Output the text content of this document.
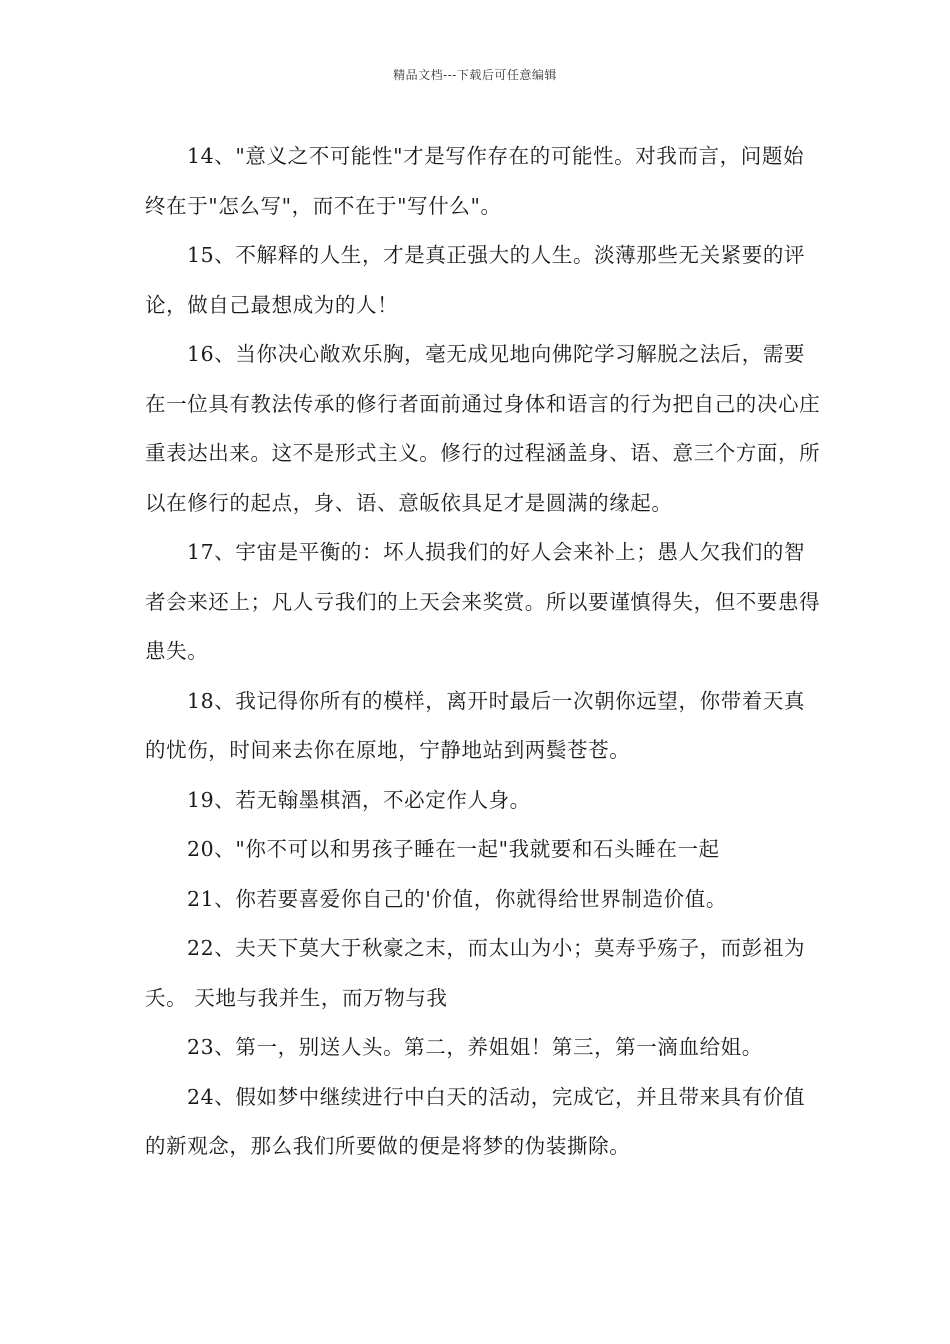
精品文档---下载后可任意编辑

14、"意义之不可能性"才是写作存在的可能性。对我而言，问题始终在于"怎么写"，而不在于"写什么"。

15、不解释的人生，才是真正强大的人生。淡薄那些无关紧要的评论，做自己最想成为的人！

16、当你决心敞欢乐胸，毫无成见地向佛陀学习解脱之法后，需要在一位具有教法传承的修行者面前通过身体和语言的行为把自己的决心庄重表达出来。这不是形式主义。修行的过程涵盖身、语、意三个方面，所以在修行的起点，身、语、意皈依具足才是圆满的缘起。

17、宇宙是平衡的：坏人损我们的好人会来补上；愚人欠我们的智者会来还上；凡人亏我们的上天会来奖赏。所以要谨慎得失，但不要患得患失。

18、我记得你所有的模样，离开时最后一次朝你远望，你带着天真的忧伤，时间来去你在原地，宁静地站到两鬓苍苍。

19、若无翰墨棋酒，不必定作人身。

20、"你不可以和男孩子睡在一起"我就要和石头睡在一起

21、你若要喜爱你自己的'价值，你就得给世界制造价值。

22、夫天下莫大于秋豪之末，而太山为小；莫寿乎殇子，而彭祖为夭。 天地与我并生，而万物与我

23、第一，别送人头。第二，养姐姐！第三，第一滴血给姐。

24、假如梦中继续进行中白天的活动，完成它，并且带来具有价值的新观念，那么我们所要做的便是将梦的伪装撕除。
